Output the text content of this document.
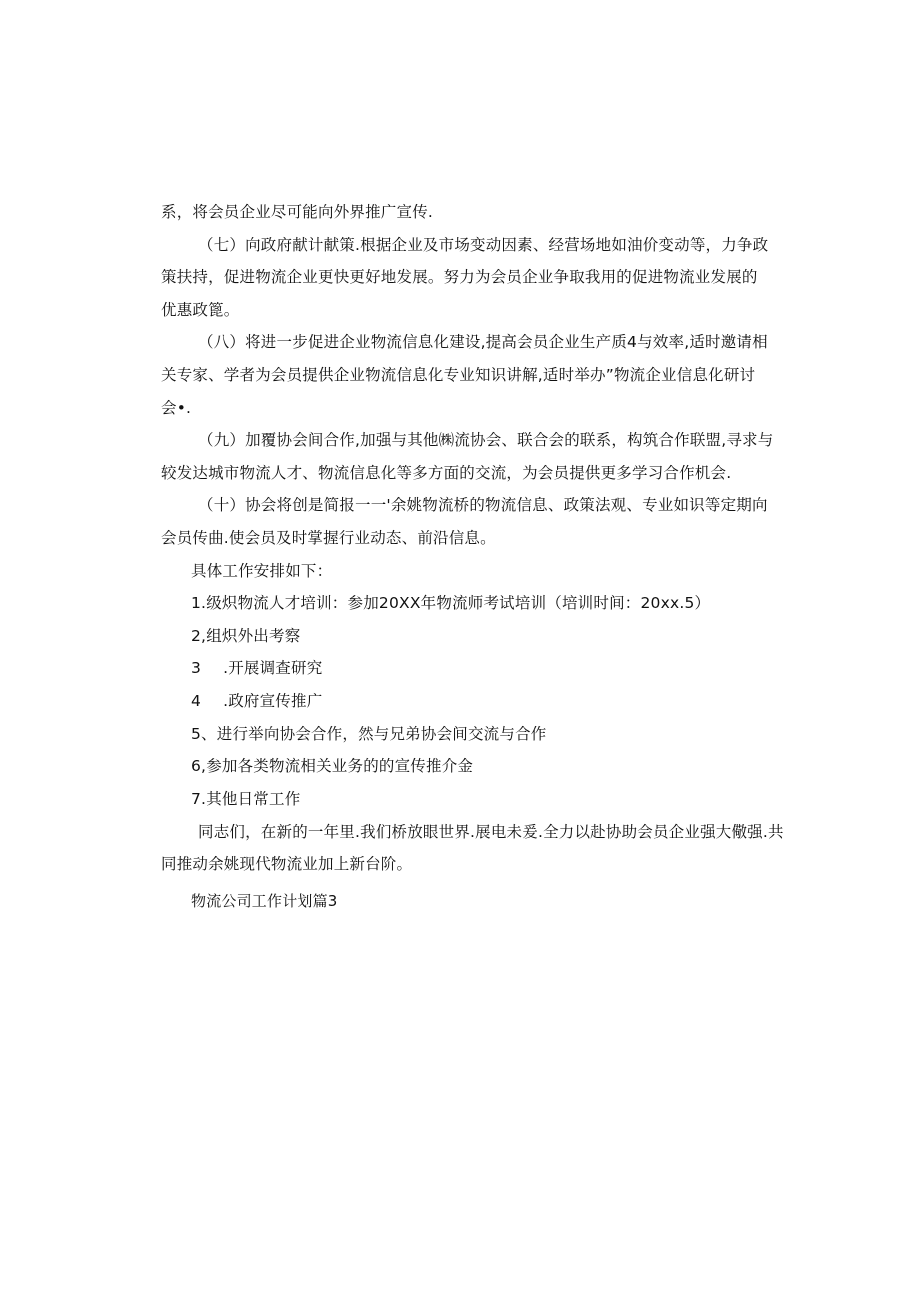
系，将会员企业尽可能向外界推广宣传.
（七）向政府献计献策.根据企业及市场变动因素、经营场地如油价变动等，力争政
策扶持，促进物流企业更快更好地发展。努力为会员企业争取我用的促进物流业发展的
优惠政篦。
（八）将进一步促进企业物流信息化建设,提高会员企业生产质4与效率,适时邀请相
关专家、学者为会员提供企业物流信息化专业知识讲解,适时举办”物流企业信息化研讨
会•.
（九）加覆协会间合作,加强与其他㈱流协会、联合会的联系，构筑合作联盟,寻求与
较发达城市物流人才、物流信息化等多方面的交流，为会员提供更多学习合作机会.
（十）协会将创是简报一一'余姚物流桥的物流信息、政策法观、专业如识等定期向
会员传曲.使会员及时掌握行业动态、前沿信息。
具体工作安排如下：
1.级炽物流人才培训：参加20XX年物流师考试培训（培训时间：20xx.5）
2,组炽外出考察
3 .开展调查研究
4 .政府宣传推广
5、进行举向协会合作，然与兄弟协会间交流与合作
6,参加各类物流相关业务的的宣传推介金
7.其他日常工作
同志们，在新的一年里.我们桥放眼世界.展电未爰.全力以赴协助会员企业强大儆强.共
同推动余姚现代物流业加上新台阶。
物流公司工作计划篇3
